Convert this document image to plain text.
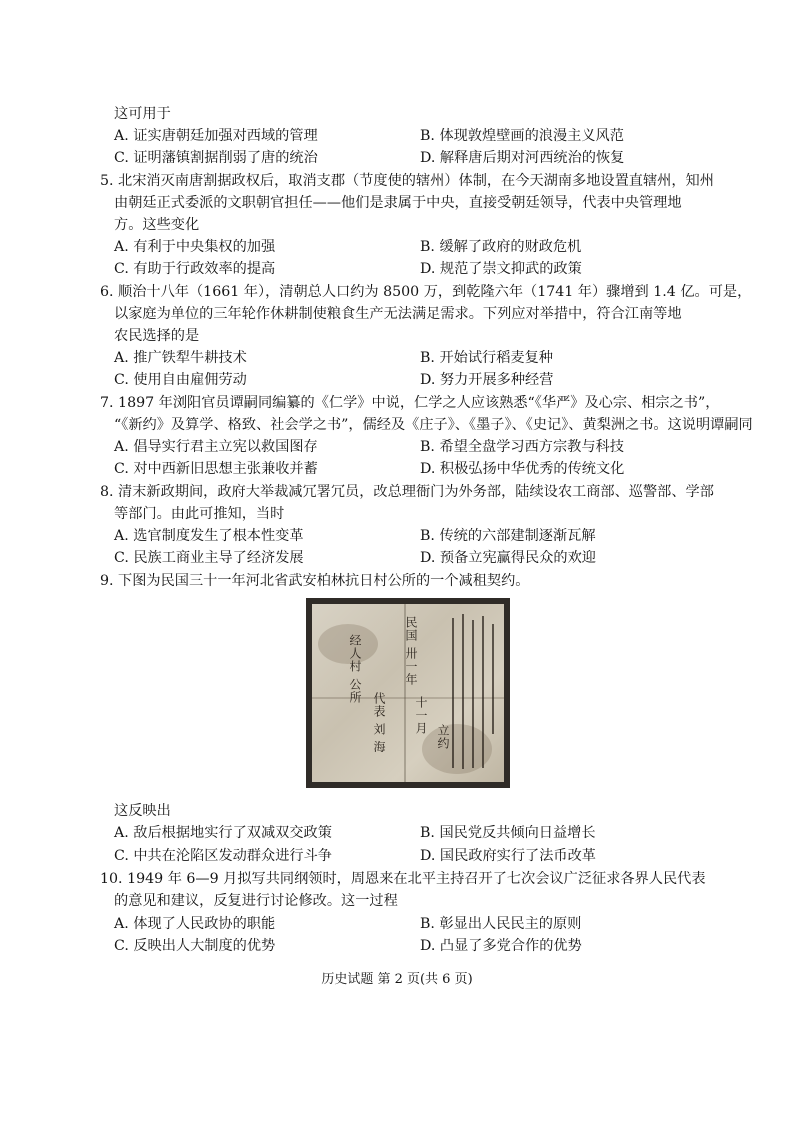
这可用于
A. 证实唐朝廷加强对西域的管理	B. 体现敦煌壁画的浪漫主义风范
C. 证明藩镇割据削弱了唐的统治	D. 解释唐后期对河西统治的恢复
5. 北宋消灭南唐割据政权后，取消支郡（节度使的辖州）体制，在今天湖南多地设置直辖州，知州
由朝廷正式委派的文职朝官担任——他们是隶属于中央，直接受朝廷领导，代表中央管理地
方。这些变化
A. 有利于中央集权的加强	B. 缓解了政府的财政危机
C. 有助于行政效率的提高	D. 规范了崇文抑武的政策
6. 顺治十八年（1661 年），清朝总人口约为 8500 万，到乾隆六年（1741 年）骤增到 1.4 亿。可是，
以家庭为单位的三年轮作休耕制使粮食生产无法满足需求。下列应对举措中，符合江南等地
农民选择的是
A. 推广铁犁牛耕技术	B. 开始试行稻麦复种
C. 使用自由雇佣劳动	D. 努力开展多种经营
7. 1897 年浏阳官员谭嗣同编纂的《仁学》中说，仁学之人应该熟悉“《华严》及心宗、相宗之书”，
“《新约》及算学、格致、社会学之书”，儒经及《庄子》、《墨子》、《史记》、黄梨洲之书。这说明谭嗣同
A. 倡导实行君主立宪以救国图存	B. 希望全盘学习西方宗教与科技
C. 对中西新旧思想主张兼收并蓄	D. 积极弘扬中华优秀的传统文化
8. 清末新政期间，政府大举裁减冗署冗员，改总理衙门为外务部，陆续设农工商部、巡警部、学部
等部门。由此可推知，当时
A. 选官制度发生了根本性变革	B. 传统的六部建制逐渐瓦解
C. 民族工商业主导了经济发展	D. 预备立宪赢得民众的欢迎
9. 下图为民国三十一年河北省武安柏林抗日村公所的一个减租契约。
民国 卅一年
十一月
立约
经人村 公所
代表 刘 海
这反映出
A. 敌后根据地实行了双减双交政策	B. 国民党反共倾向日益增长
C. 中共在沦陷区发动群众进行斗争	D. 国民政府实行了法币改革
10. 1949 年 6—9 月拟写共同纲领时，周恩来在北平主持召开了七次会议广泛征求各界人民代表
的意见和建议，反复进行讨论修改。这一过程
A. 体现了人民政协的职能	B. 彰显出人民民主的原则
C. 反映出人大制度的优势	D. 凸显了多党合作的优势
历史试题 第 2 页(共 6 页)
